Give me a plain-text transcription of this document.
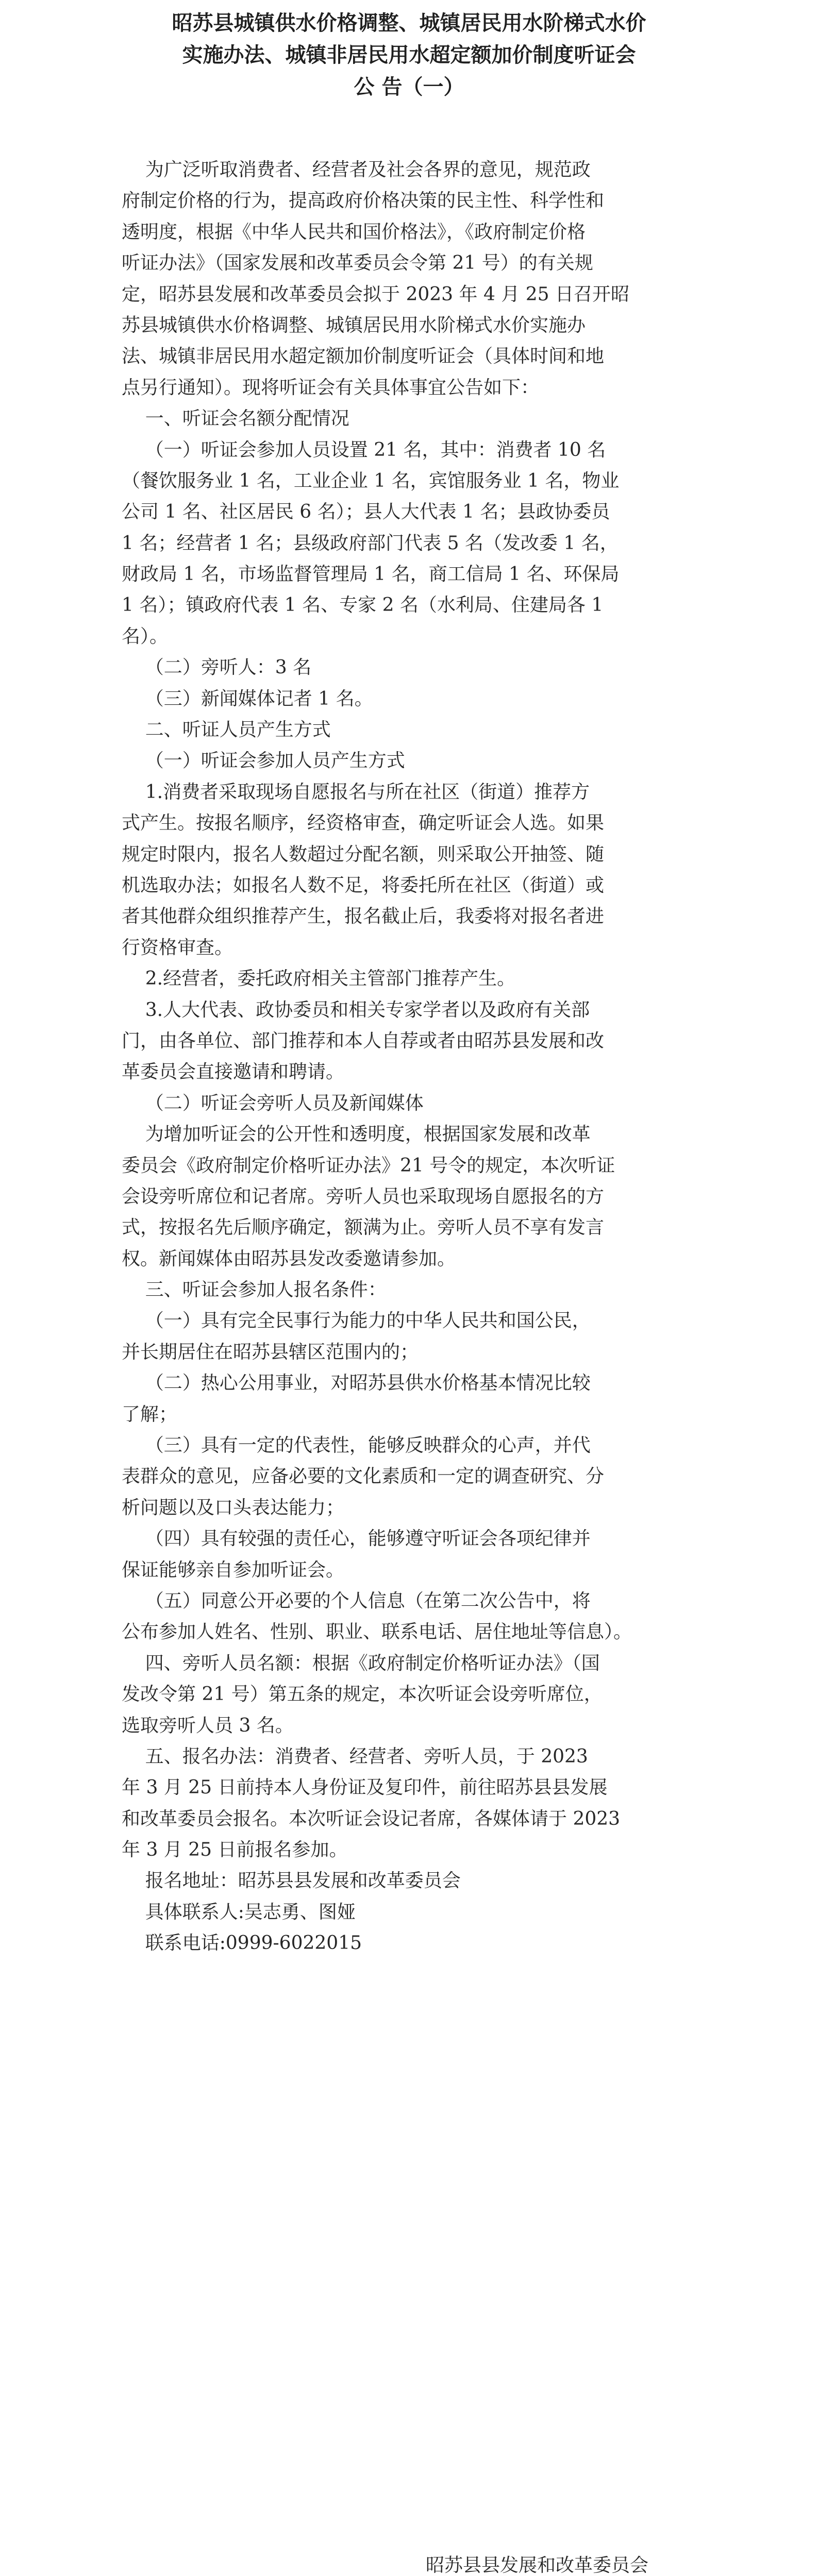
昭苏县城镇供水价格调整、城镇居民用水阶梯式水价
实施办法、城镇非居民用水超定额加价制度听证会
公 告（一）
为广泛听取消费者、经营者及社会各界的意见，规范政
府制定价格的行为，提高政府价格决策的民主性、科学性和
透明度，根据《中华人民共和国价格法》，《政府制定价格
听证办法》（国家发展和改革委员会令第 21 号）的有关规
定，昭苏县发展和改革委员会拟于 2023 年 4 月 25 日召开昭
苏县城镇供水价格调整、城镇居民用水阶梯式水价实施办
法、城镇非居民用水超定额加价制度听证会（具体时间和地
点另行通知）。现将听证会有关具体事宜公告如下：
一、听证会名额分配情况
（一）听证会参加人员设置 21 名，其中：消费者 10 名
（餐饮服务业 1 名，工业企业 1 名，宾馆服务业 1 名，物业
公司 1 名、社区居民 6 名）；县人大代表 1 名；县政协委员
1 名；经营者 1 名；县级政府部门代表 5 名（发改委 1 名，
财政局 1 名，市场监督管理局 1 名，商工信局 1 名、环保局
1 名）；镇政府代表 1 名、专家 2 名（水利局、住建局各 1
名）。
（二）旁听人：3 名
（三）新闻媒体记者 1 名。
二、听证人员产生方式
（一）听证会参加人员产生方式
1.消费者采取现场自愿报名与所在社区（街道）推荐方
式产生。按报名顺序，经资格审查，确定听证会人选。如果
规定时限内，报名人数超过分配名额，则采取公开抽签、随
机选取办法；如报名人数不足，将委托所在社区（街道）或
者其他群众组织推荐产生，报名截止后，我委将对报名者进
行资格审查。
2.经营者，委托政府相关主管部门推荐产生。
3.人大代表、政协委员和相关专家学者以及政府有关部
门，由各单位、部门推荐和本人自荐或者由昭苏县发展和改
革委员会直接邀请和聘请。
（二）听证会旁听人员及新闻媒体
为增加听证会的公开性和透明度，根据国家发展和改革
委员会《政府制定价格听证办法》21 号令的规定，本次听证
会设旁听席位和记者席。旁听人员也采取现场自愿报名的方
式，按报名先后顺序确定，额满为止。旁听人员不享有发言
权。新闻媒体由昭苏县发改委邀请参加。
三、听证会参加人报名条件：
（一）具有完全民事行为能力的中华人民共和国公民，
并长期居住在昭苏县辖区范围内的；
（二）热心公用事业，对昭苏县供水价格基本情况比较
了解；
（三）具有一定的代表性，能够反映群众的心声，并代
表群众的意见，应备必要的文化素质和一定的调查研究、分
析问题以及口头表达能力；
（四）具有较强的责任心，能够遵守听证会各项纪律并
保证能够亲自参加听证会。
（五）同意公开必要的个人信息（在第二次公告中，将
公布参加人姓名、性别、职业、联系电话、居住地址等信息）。
四、旁听人员名额：根据《政府制定价格听证办法》（国
发改令第 21 号）第五条的规定，本次听证会设旁听席位，
选取旁听人员 3 名。
五、报名办法：消费者、经营者、旁听人员，于 2023
年 3 月 25 日前持本人身份证及复印件，前往昭苏县县发展
和改革委员会报名。本次听证会设记者席，各媒体请于 2023
年 3 月 25 日前报名参加。
报名地址：昭苏县县发展和改革委员会
具体联系人:吴志勇、图娅
联系电话:0999-6022015
昭苏县县发展和改革委员会
